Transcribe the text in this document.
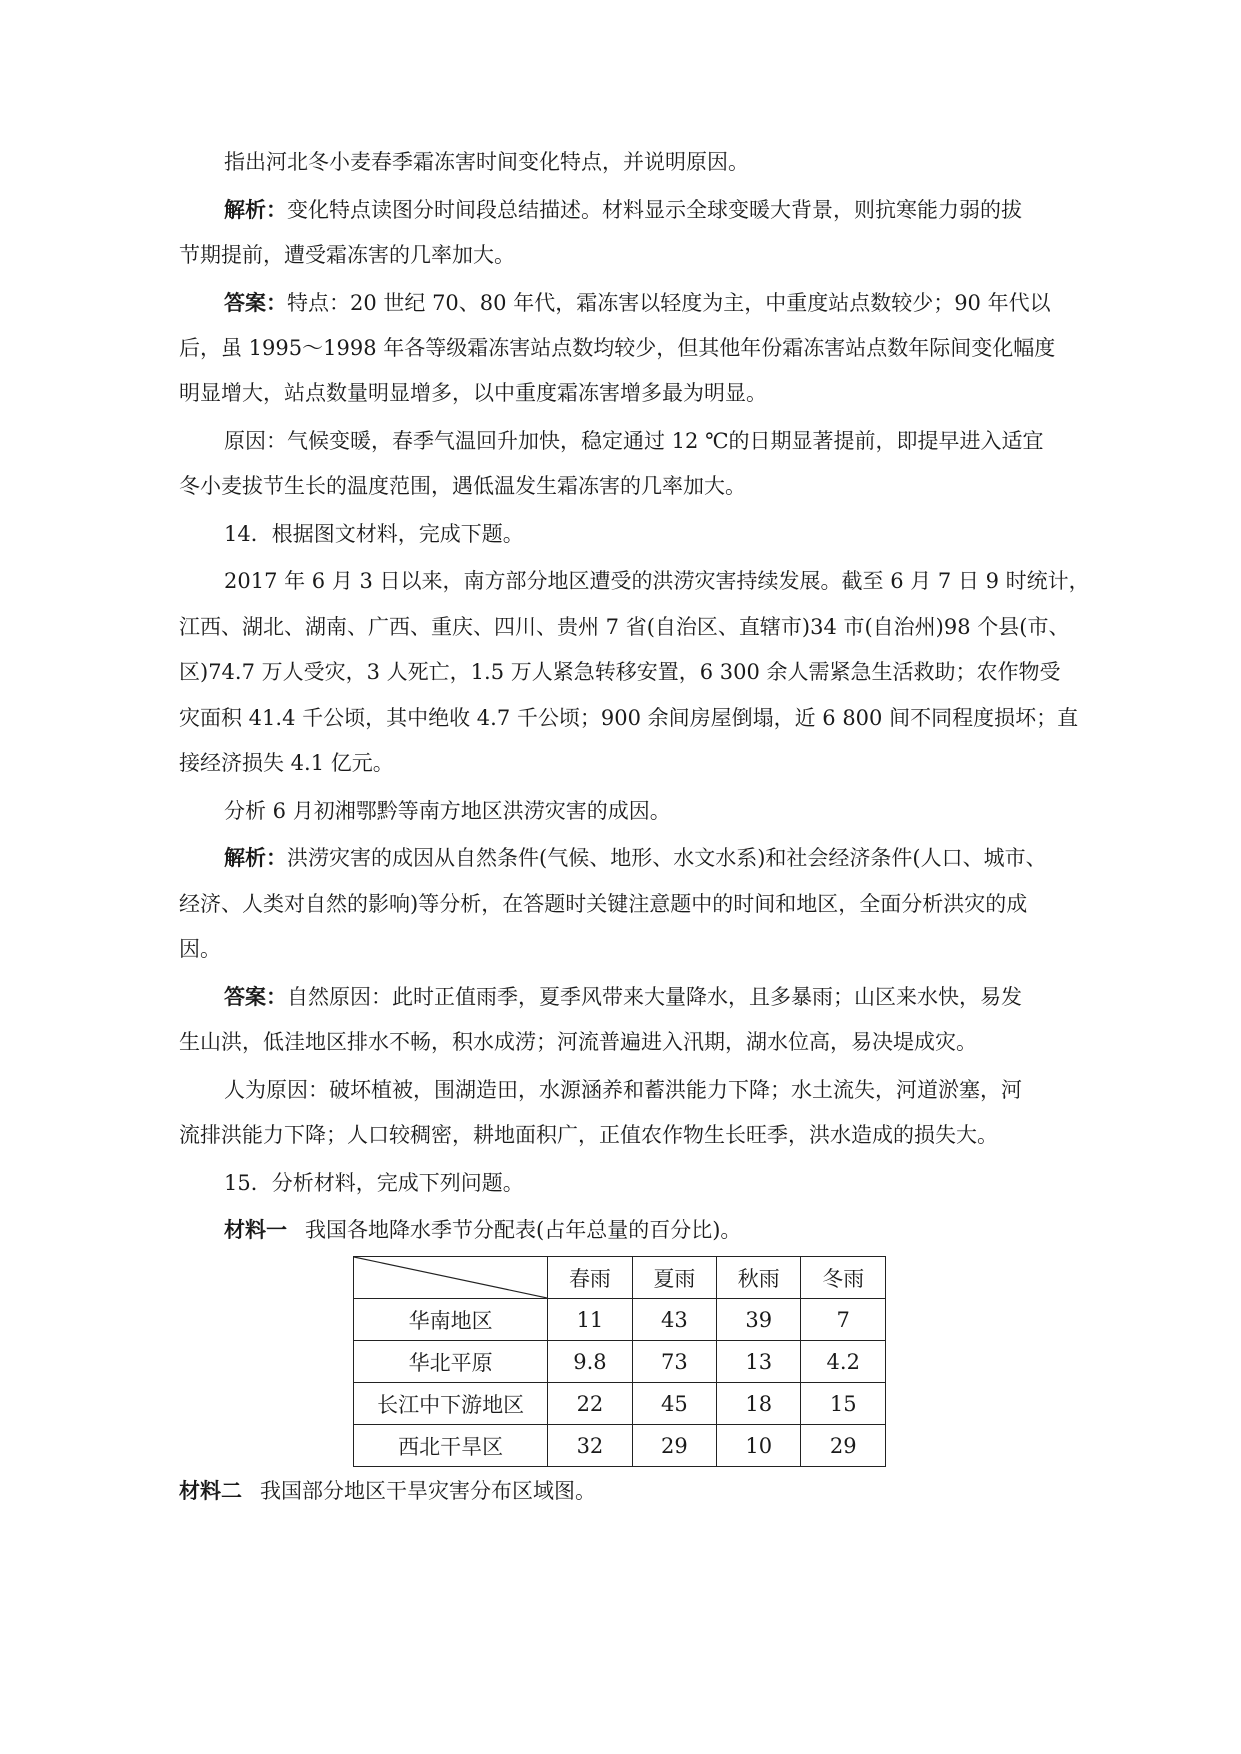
指出河北冬小麦春季霜冻害时间变化特点，并说明原因。
解析：变化特点读图分时间段总结描述。材料显示全球变暖大背景，则抗寒能力弱的拔
节期提前，遭受霜冻害的几率加大。
答案：特点：20 世纪 70、80 年代，霜冻害以轻度为主，中重度站点数较少；90 年代以
后，虽 1995～1998 年各等级霜冻害站点数均较少，但其他年份霜冻害站点数年际间变化幅度
明显增大，站点数量明显增多，以中重度霜冻害增多最为明显。
原因：气候变暖，春季气温回升加快，稳定通过 12 ℃的日期显著提前，即提早进入适宜
冬小麦拔节生长的温度范围，遇低温发生霜冻害的几率加大。
14．根据图文材料，完成下题。
2017 年 6 月 3 日以来，南方部分地区遭受的洪涝灾害持续发展。截至 6 月 7 日 9 时统计，
江西、湖北、湖南、广西、重庆、四川、贵州 7 省(自治区、直辖市)34 市(自治州)98 个县(市、
区)74.7 万人受灾，3 人死亡，1.5 万人紧急转移安置，6 300 余人需紧急生活救助；农作物受
灾面积 41.4 千公顷，其中绝收 4.7 千公顷；900 余间房屋倒塌，近 6 800 间不同程度损坏；直
接经济损失 4.1 亿元。
分析 6 月初湘鄂黔等南方地区洪涝灾害的成因。
解析：洪涝灾害的成因从自然条件(气候、地形、水文水系)和社会经济条件(人口、城市、
经济、人类对自然的影响)等分析，在答题时关键注意题中的时间和地区，全面分析洪灾的成
因。
答案：自然原因：此时正值雨季，夏季风带来大量降水，且多暴雨；山区来水快，易发
生山洪，低洼地区排水不畅，积水成涝；河流普遍进入汛期，湖水位高，易决堤成灾。
人为原因：破坏植被，围湖造田，水源涵养和蓄洪能力下降；水土流失，河道淤塞，河
流排洪能力下降；人口较稠密，耕地面积广，正值农作物生长旺季，洪水造成的损失大。
15．分析材料，完成下列问题。
材料一 我国各地降水季节分配表(占年总量的百分比)。
	春雨	夏雨	秋雨	冬雨
华南地区	11	43	39	7
华北平原	9.8	73	13	4.2
长江中下游地区	22	45	18	15
西北干旱区	32	29	10	29
材料二 我国部分地区干旱灾害分布区域图。
